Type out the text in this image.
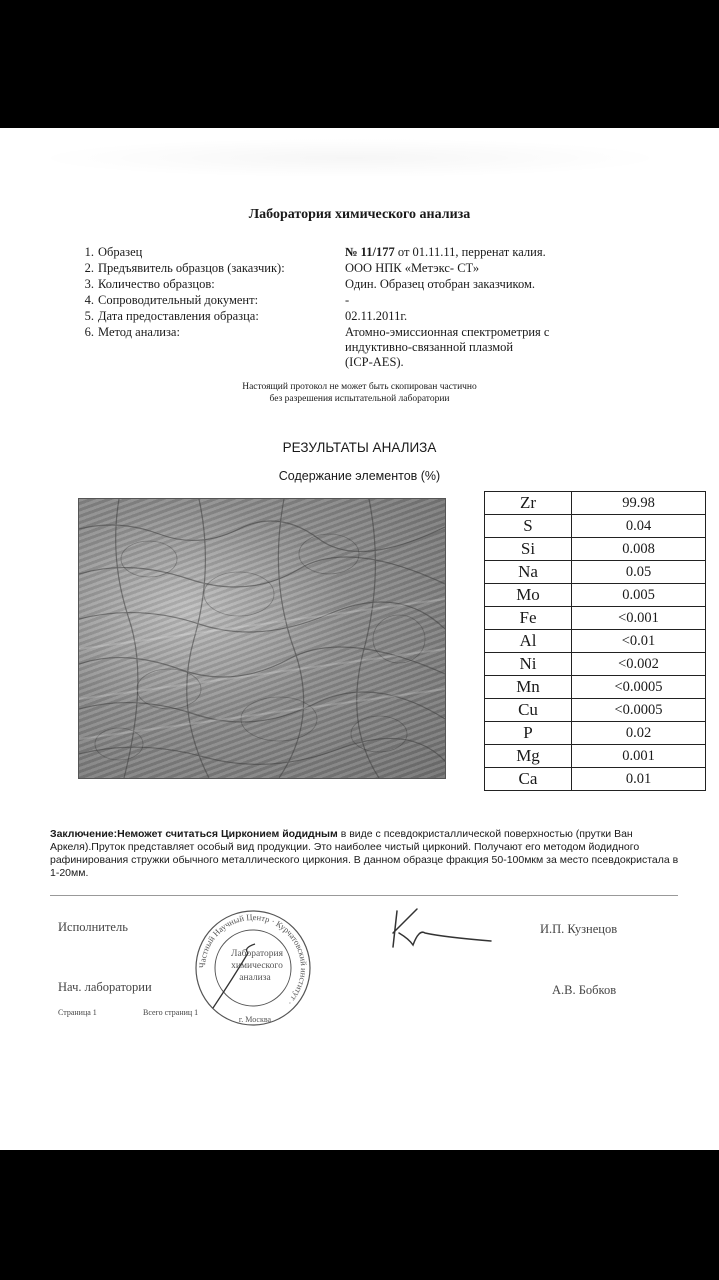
Лаборатория химического анализа
1. Образец	№ 11/177 от 01.11.11, перренат калия.
2. Предъявитель образцов (заказчик):	ООО НПК «Метэкс- СТ»
3. Количество образцов:	Один. Образец отобран заказчиком.
4. Сопроводительный документ:	-
5. Дата предоставления образца:	02.11.2011г.
6. Метод анализа:	Атомно-эмиссионная спектрометрия с
индуктивно-связанной плазмой
(ICP-AES).
Настоящий протокол не может быть скопирован частично
без разрешения испытательной лаборатории
РЕЗУЛЬТАТЫ АНАЛИЗА
Содержание элементов (%)
Zr	99.98
S	0.04
Si	0.008
Na	0.05
Mo	0.005
Fe	<0.001
Al	<0.01
Ni	<0.002
Mn	<0.0005
Cu	<0.0005
P	0.02
Mg	0.001
Ca	0.01
Заключение:Неможет считаться Цирконием йодидным в виде с псевдокристаллической поверхностью (прутки Ван Аркеля).Пруток представляет особый вид продукции. Это наиболее чистый цирконий. Получают его методом йодидного рафинирования стружки обычного металлического циркония. В данном образце фракция 50-100мкм за место псевдокристала в 1-20мм.
Исполнитель	И.П. Кузнецов
Нач. лаборатории	А.В. Бобков
Страница 1	Всего страниц 1
Частный Научный Центр · Курчатовский институт ·
Лаборатория
химического
анализа
г. Москва
